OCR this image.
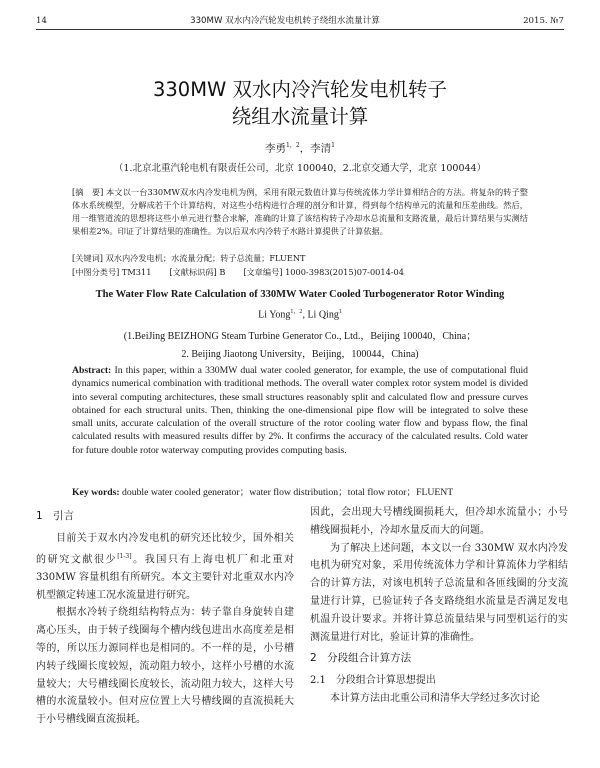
14	330MW 双水内冷汽轮发电机转子绕组水流量计算	2015. №7
330MW 双水内冷汽轮发电机转子
绕组水流量计算
李勇$^{1,2}$，李清$^1$
（1.北京北重汽轮电机有限责任公司，北京 100040，2.北京交通大学，北京 100044）
[摘　要] 本文以一台330MW双水内冷发电机为例，采用有限元数值计算与传统流体力学计算相结合的方法。将复杂的转子整体水系统模型，分解成若干个计算结构，对这些小结构进行合理的剖分和计算，得到每个结构单元的流量和压差曲线。然后，用一维管道流的思想将这些小单元进行整合求解，准确的计算了该结构转子冷却水总流量和支路流量，最后计算结果与实测结果相差2%。印证了计算结果的准确性。为以后双水内冷转子水路计算提供了计算依据。
[关键词] 双水内冷发电机；水流量分配；转子总流量；FLUENT
[中图分类号] TM311 [文献标识码] B [文章编号] 1000-3983(2015)07-0014-04
The Water Flow Rate Calculation of 330MW Water Cooled Turbogenerator Rotor Winding
Li Yong$^{1,2}$, Li Qing$^1$
(1.BeiJing BEIZHONG Steam Turbine Generator Co., Ltd.，Beijing 100040，China；
2. Beijing Jiaotong University，Beijing，100044，China)
Abstract: In this paper, within a 330MW dual water cooled generator, for example, the use of computational fluid dynamics numerical combination with traditional methods. The overall water complex rotor system model is divided into several computing architectures, these small structures reasonably split and calculated flow and pressure curves obtained for each structural units. Then, thinking the one-dimensional pipe flow will be integrated to solve these small units, accurate calculation of the overall structure of the rotor cooling water flow and bypass flow, the final calculated results with measured results differ by 2%. It confirms the accuracy of the calculated results. Cold water for future double rotor waterway computing provides computing basis.
Key words: double water cooled generator；water flow distribution；total flow rotor；FLUENT
1　引言

目前关于双水内冷发电机的研究还比较少，国外相关的研究文献很少[1-3]。我国只有上海电机厂和北重对 330MW 容量机组有所研究。本文主要针对北重双水内冷机型额定转速工况水流量进行研究。

根据水冷转子绕组结构特点为：转子靠自身旋转自建离心压头，由于转子线圈每个槽内线包进出水高度差是相等的，所以压力源同样也是相同的。不一样的是，小号槽内转子线圈长度较短，流动阻力较小，这样小号槽的水流量较大；大号槽线圈长度较长，流动阻力较大，这样大号槽的水流量较小。但对应位置上大号槽线圈的直流损耗大于小号槽线圈直流损耗。

因此，会出现大号槽线圈损耗大，但冷却水流量小；小号槽线圈损耗小，冷却水量反而大的问题。

为了解决上述问题，本文以一台 330MW 双水内冷发电机为研究对象，采用传统流体力学和计算流体力学相结合的计算方法，对该电机转子总流量和各匝线圈的分支流量进行计算，已验证转子各支路绕组水流量是否满足发电机温升设计要求。并将计算总流量结果与同型机运行的实测流量进行对比，验证计算的准确性。

2　分段组合计算方法
2.1　分段组合计算思想提出

本计算方法由北重公司和清华大学经过多次讨论
